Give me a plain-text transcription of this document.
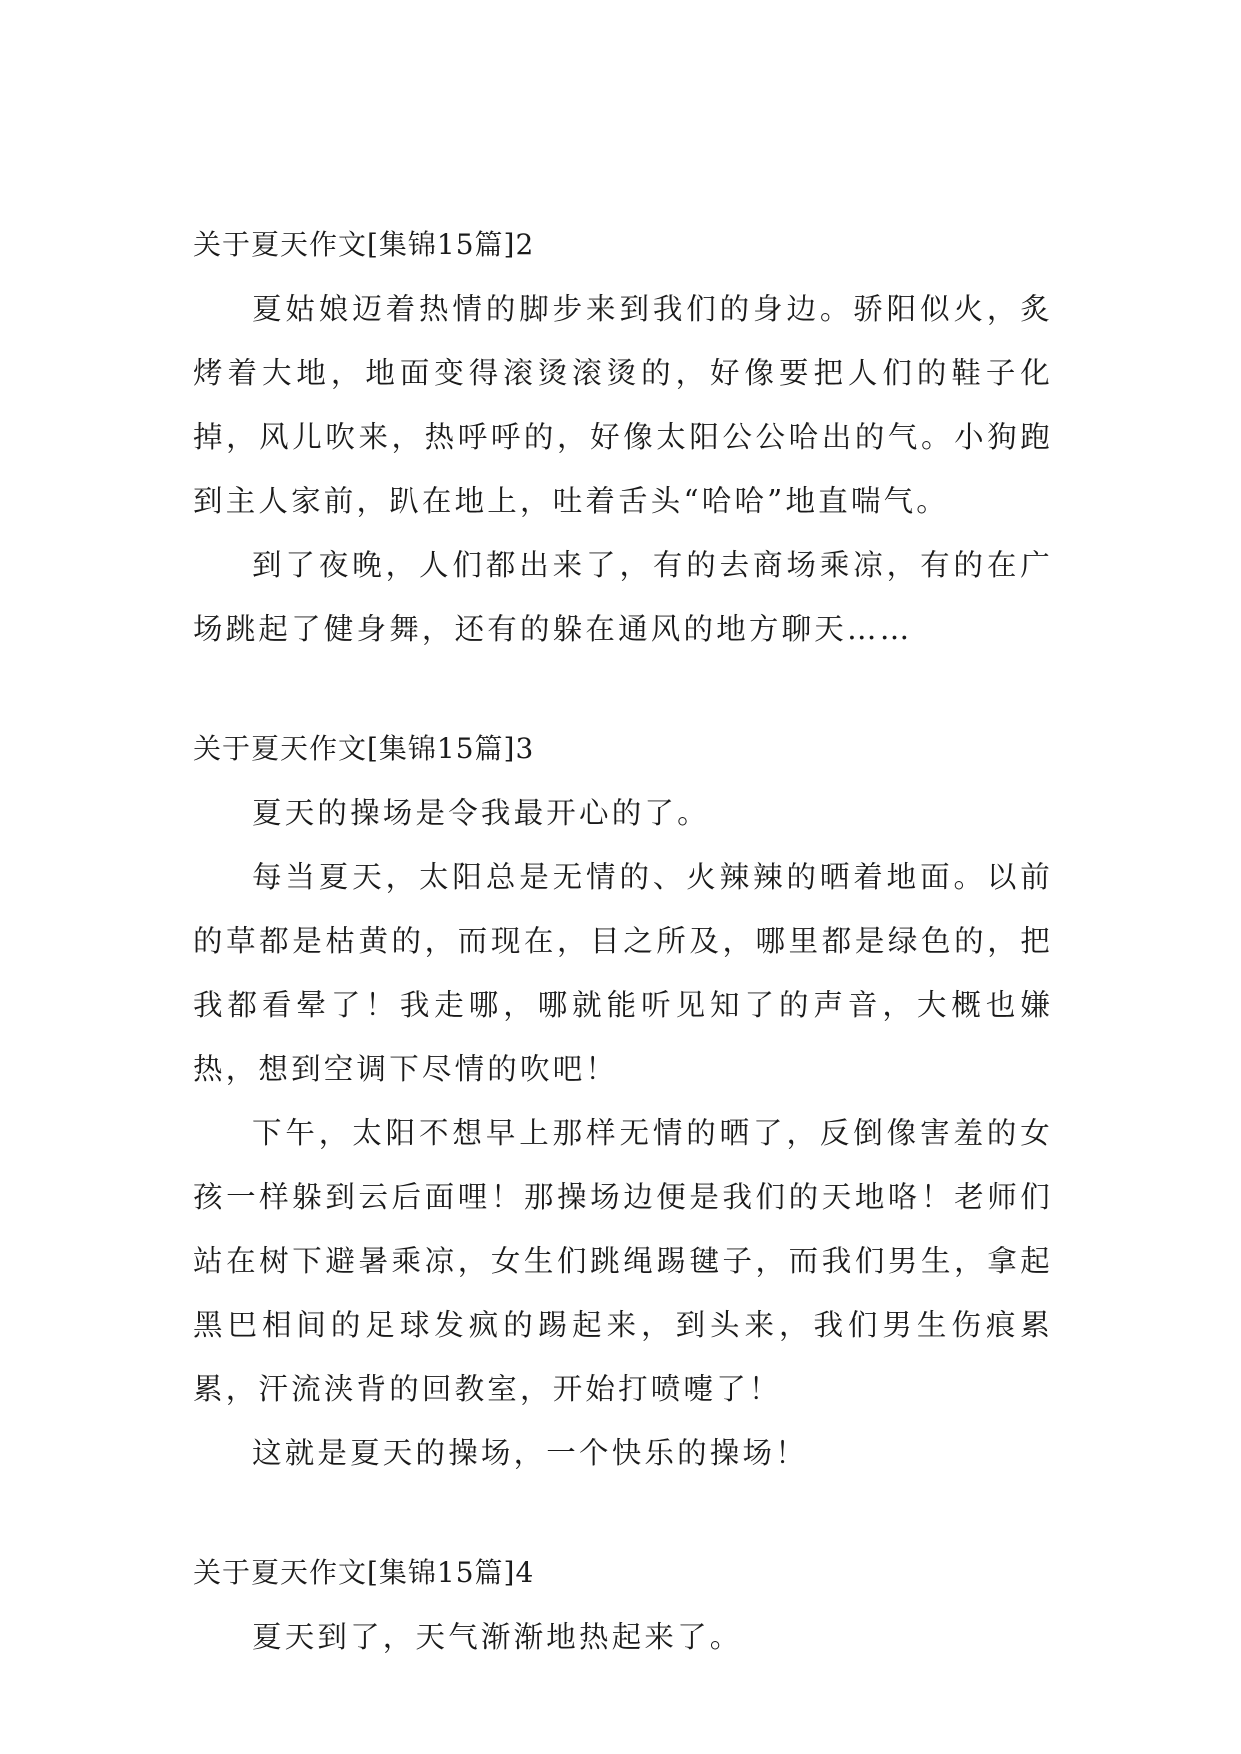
关于夏天作文[集锦15篇]2

夏姑娘迈着热情的脚步来到我们的身边。骄阳似火，炙烤着大地，地面变得滚烫滚烫的，好像要把人们的鞋子化掉，风儿吹来，热呼呼的，好像太阳公公哈出的气。小狗跑到主人家前，趴在地上，吐着舌头“哈哈”地直喘气。

到了夜晚，人们都出来了，有的去商场乘凉，有的在广场跳起了健身舞，还有的躲在通风的地方聊天……

关于夏天作文[集锦15篇]3

夏天的操场是令我最开心的了。

每当夏天，太阳总是无情的、火辣辣的晒着地面。以前的草都是枯黄的，而现在，目之所及，哪里都是绿色的，把我都看晕了！我走哪，哪就能听见知了的声音，大概也嫌热，想到空调下尽情的吹吧！

下午，太阳不想早上那样无情的晒了，反倒像害羞的女孩一样躲到云后面哩！那操场边便是我们的天地咯！老师们站在树下避暑乘凉，女生们跳绳踢毽子，而我们男生，拿起黑巴相间的足球发疯的踢起来，到头来，我们男生伤痕累累，汗流浃背的回教室，开始打喷嚏了！

这就是夏天的操场，一个快乐的操场！

关于夏天作文[集锦15篇]4

夏天到了，天气渐渐地热起来了。
